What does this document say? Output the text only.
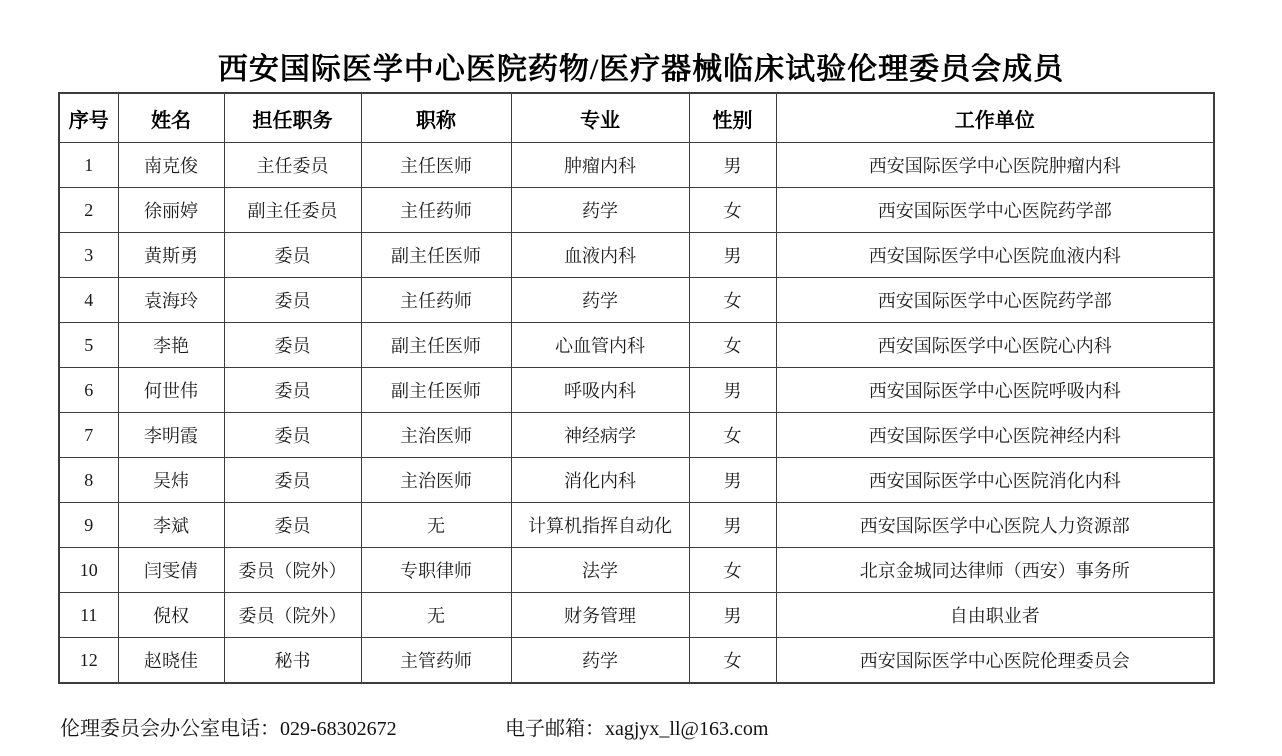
西安国际医学中心医院药物/医疗器械临床试验伦理委员会成员
序号	姓名	担任职务	职称	专业	性别	工作单位
1	南克俊	主任委员	主任医师	肿瘤内科	男	西安国际医学中心医院肿瘤内科
2	徐丽婷	副主任委员	主任药师	药学	女	西安国际医学中心医院药学部
3	黄斯勇	委员	副主任医师	血液内科	男	西安国际医学中心医院血液内科
4	袁海玲	委员	主任药师	药学	女	西安国际医学中心医院药学部
5	李艳	委员	副主任医师	心血管内科	女	西安国际医学中心医院心内科
6	何世伟	委员	副主任医师	呼吸内科	男	西安国际医学中心医院呼吸内科
7	李明霞	委员	主治医师	神经病学	女	西安国际医学中心医院神经内科
8	吴炜	委员	主治医师	消化内科	男	西安国际医学中心医院消化内科
9	李斌	委员	无	计算机指挥自动化	男	西安国际医学中心医院人力资源部
10	闫雯倩	委员（院外）	专职律师	法学	女	北京金城同达律师（西安）事务所
11	倪权	委员（院外）	无	财务管理	男	自由职业者
12	赵晓佳	秘书	主管药师	药学	女	西安国际医学中心医院伦理委员会
伦理委员会办公室电话：029-68302672	电子邮箱：xagjyx_ll@163.com
